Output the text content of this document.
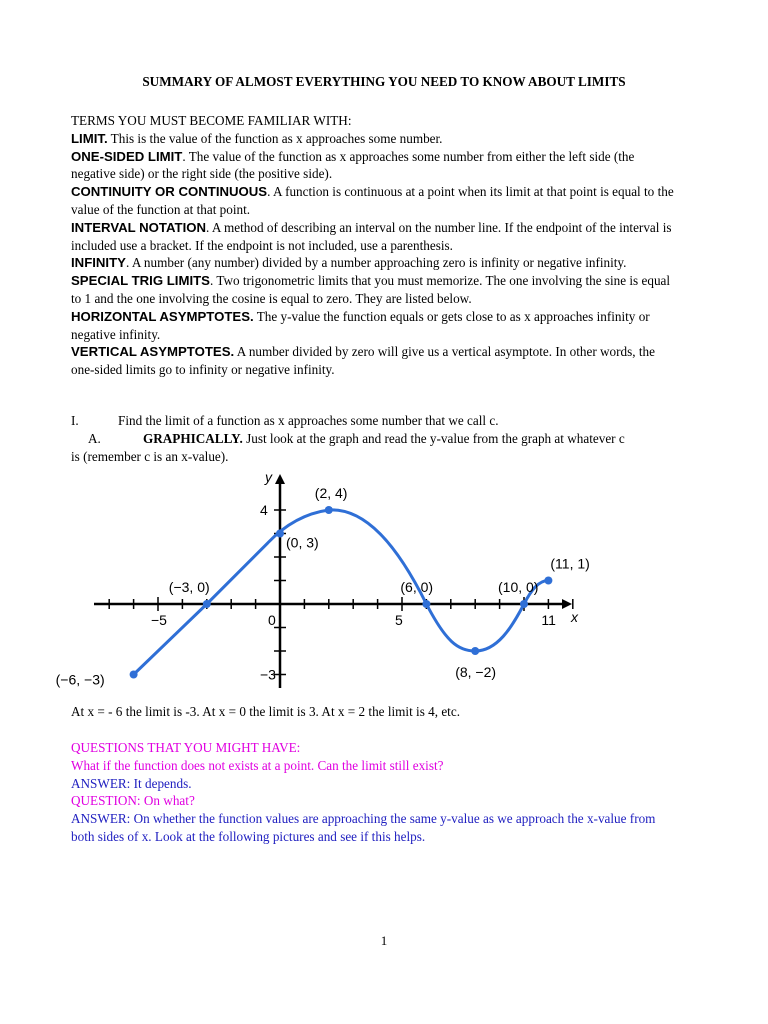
SUMMARY OF ALMOST EVERYTHING YOU NEED TO KNOW ABOUT LIMITS

TERMS YOU MUST BECOME FAMILIAR WITH:

LIMIT. This is the value of the function as x approaches some number.

ONE-SIDED LIMIT. The value of the function as x approaches some number from either the left side (the negative side) or the right side (the positive side).

CONTINUITY OR CONTINUOUS. A function is continuous at a point when its limit at that point is equal to the value of the function at that point.

INTERVAL NOTATION. A method of describing an interval on the number line. If the endpoint of the interval is included use a bracket. If the endpoint is not included, use a parenthesis.

INFINITY. A number (any number) divided by a number approaching zero is infinity or negative infinity.

SPECIAL TRIG LIMITS. Two trigonometric limits that you must memorize. The one involving the sine is equal to 1 and the one involving the cosine is equal to zero. They are listed below.

HORIZONTAL ASYMPTOTES. The y-value the function equals or gets close to as x approaches infinity or negative infinity.

VERTICAL ASYMPTOTES. A number divided by zero will give us a vertical asymptote. In other words, the one-sided limits go to infinity or negative infinity.

I.	Find the limit of a function as x approaches some number that we call c.
A.	GRAPHICALLY. Just look at the graph and read the y-value from the graph at whatever c
is (remember c is an x-value).
−5	0	5	11
4
−3
x
y
(−6, −3)
(−3, 0)
(0, 3)
(2, 4)
(6, 0)
(8, −2)
(10, 0)
(11, 1)
At x = - 6 the limit is -3. At x = 0 the limit is 3. At x = 2 the limit is 4, etc.

QUESTIONS THAT YOU MIGHT HAVE:

What if the function does not exists at a point. Can the limit still exist?

ANSWER: It depends.

QUESTION: On what?

ANSWER: On whether the function values are approaching the same y-value as we approach the x-value from both sides of x. Look at the following pictures and see if this helps.

1
